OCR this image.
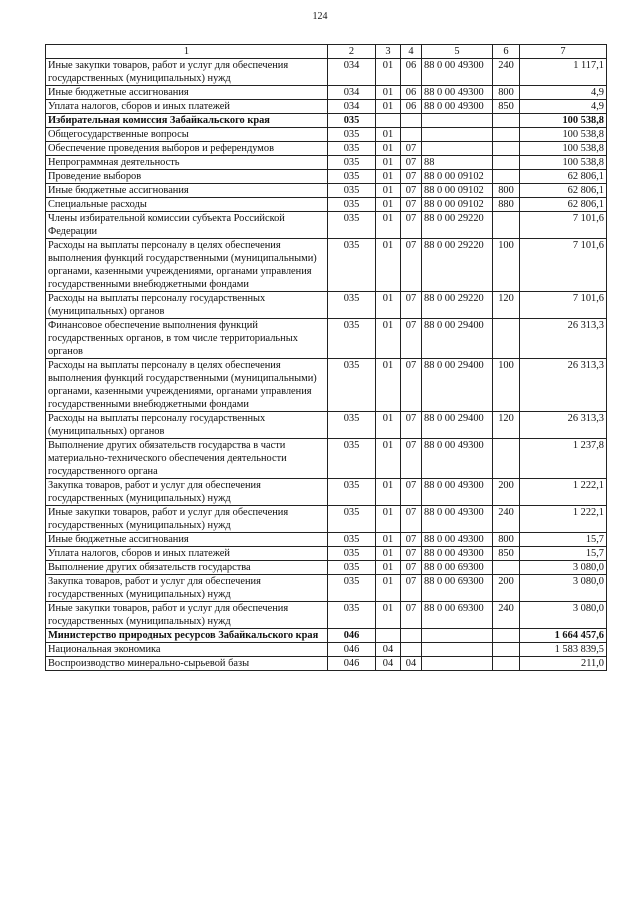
124
1	2	3	4	5	6	7
Иные закупки товаров, работ и услуг для обеспечения государственных (муниципальных) нужд	034	01	06	88 0 00 49300	240	1 117,1
Иные бюджетные ассигнования	034	01	06	88 0 00 49300	800	4,9
Уплата налогов, сборов и иных платежей	034	01	06	88 0 00 49300	850	4,9
Избирательная комиссия Забайкальского края	035					100 538,8
Общегосударственные вопросы	035	01				100 538,8
Обеспечение проведения выборов и референдумов	035	01	07			100 538,8
Непрограммная деятельность	035	01	07	88		100 538,8
Проведение выборов	035	01	07	88 0 00 09102		62 806,1
Иные бюджетные ассигнования	035	01	07	88 0 00 09102	800	62 806,1
Специальные расходы	035	01	07	88 0 00 09102	880	62 806,1
Члены избирательной комиссии субъекта Российской Федерации	035	01	07	88 0 00 29220		7 101,6
Расходы на выплаты персоналу в целях обеспечения выполнения функций государственными (муниципальными) органами, казенными учреждениями, органами управления государственными внебюджетными фондами	035	01	07	88 0 00 29220	100	7 101,6
Расходы на выплаты персоналу государственных (муниципальных) органов	035	01	07	88 0 00 29220	120	7 101,6
Финансовое обеспечение выполнения функций государственных органов, в том числе территориальных органов	035	01	07	88 0 00 29400		26 313,3
Расходы на выплаты персоналу в целях обеспечения выполнения функций государственными (муниципальными) органами, казенными учреждениями, органами управления государственными внебюджетными фондами	035	01	07	88 0 00 29400	100	26 313,3
Расходы на выплаты персоналу государственных (муниципальных) органов	035	01	07	88 0 00 29400	120	26 313,3
Выполнение других обязательств государства в части материально-технического обеспечения деятельности государственного органа	035	01	07	88 0 00 49300		1 237,8
Закупка товаров, работ и услуг для обеспечения государственных (муниципальных) нужд	035	01	07	88 0 00 49300	200	1 222,1
Иные закупки товаров, работ и услуг для обеспечения государственных (муниципальных) нужд	035	01	07	88 0 00 49300	240	1 222,1
Иные бюджетные ассигнования	035	01	07	88 0 00 49300	800	15,7
Уплата налогов, сборов и иных платежей	035	01	07	88 0 00 49300	850	15,7
Выполнение других обязательств государства	035	01	07	88 0 00 69300		3 080,0
Закупка товаров, работ и услуг для обеспечения государственных (муниципальных) нужд	035	01	07	88 0 00 69300	200	3 080,0
Иные закупки товаров, работ и услуг для обеспечения государственных (муниципальных) нужд	035	01	07	88 0 00 69300	240	3 080,0
Министерство природных ресурсов Забайкальского края	046					1 664 457,6
Национальная экономика	046	04				1 583 839,5
Воспроизводство минерально-сырьевой базы	046	04	04			211,0
